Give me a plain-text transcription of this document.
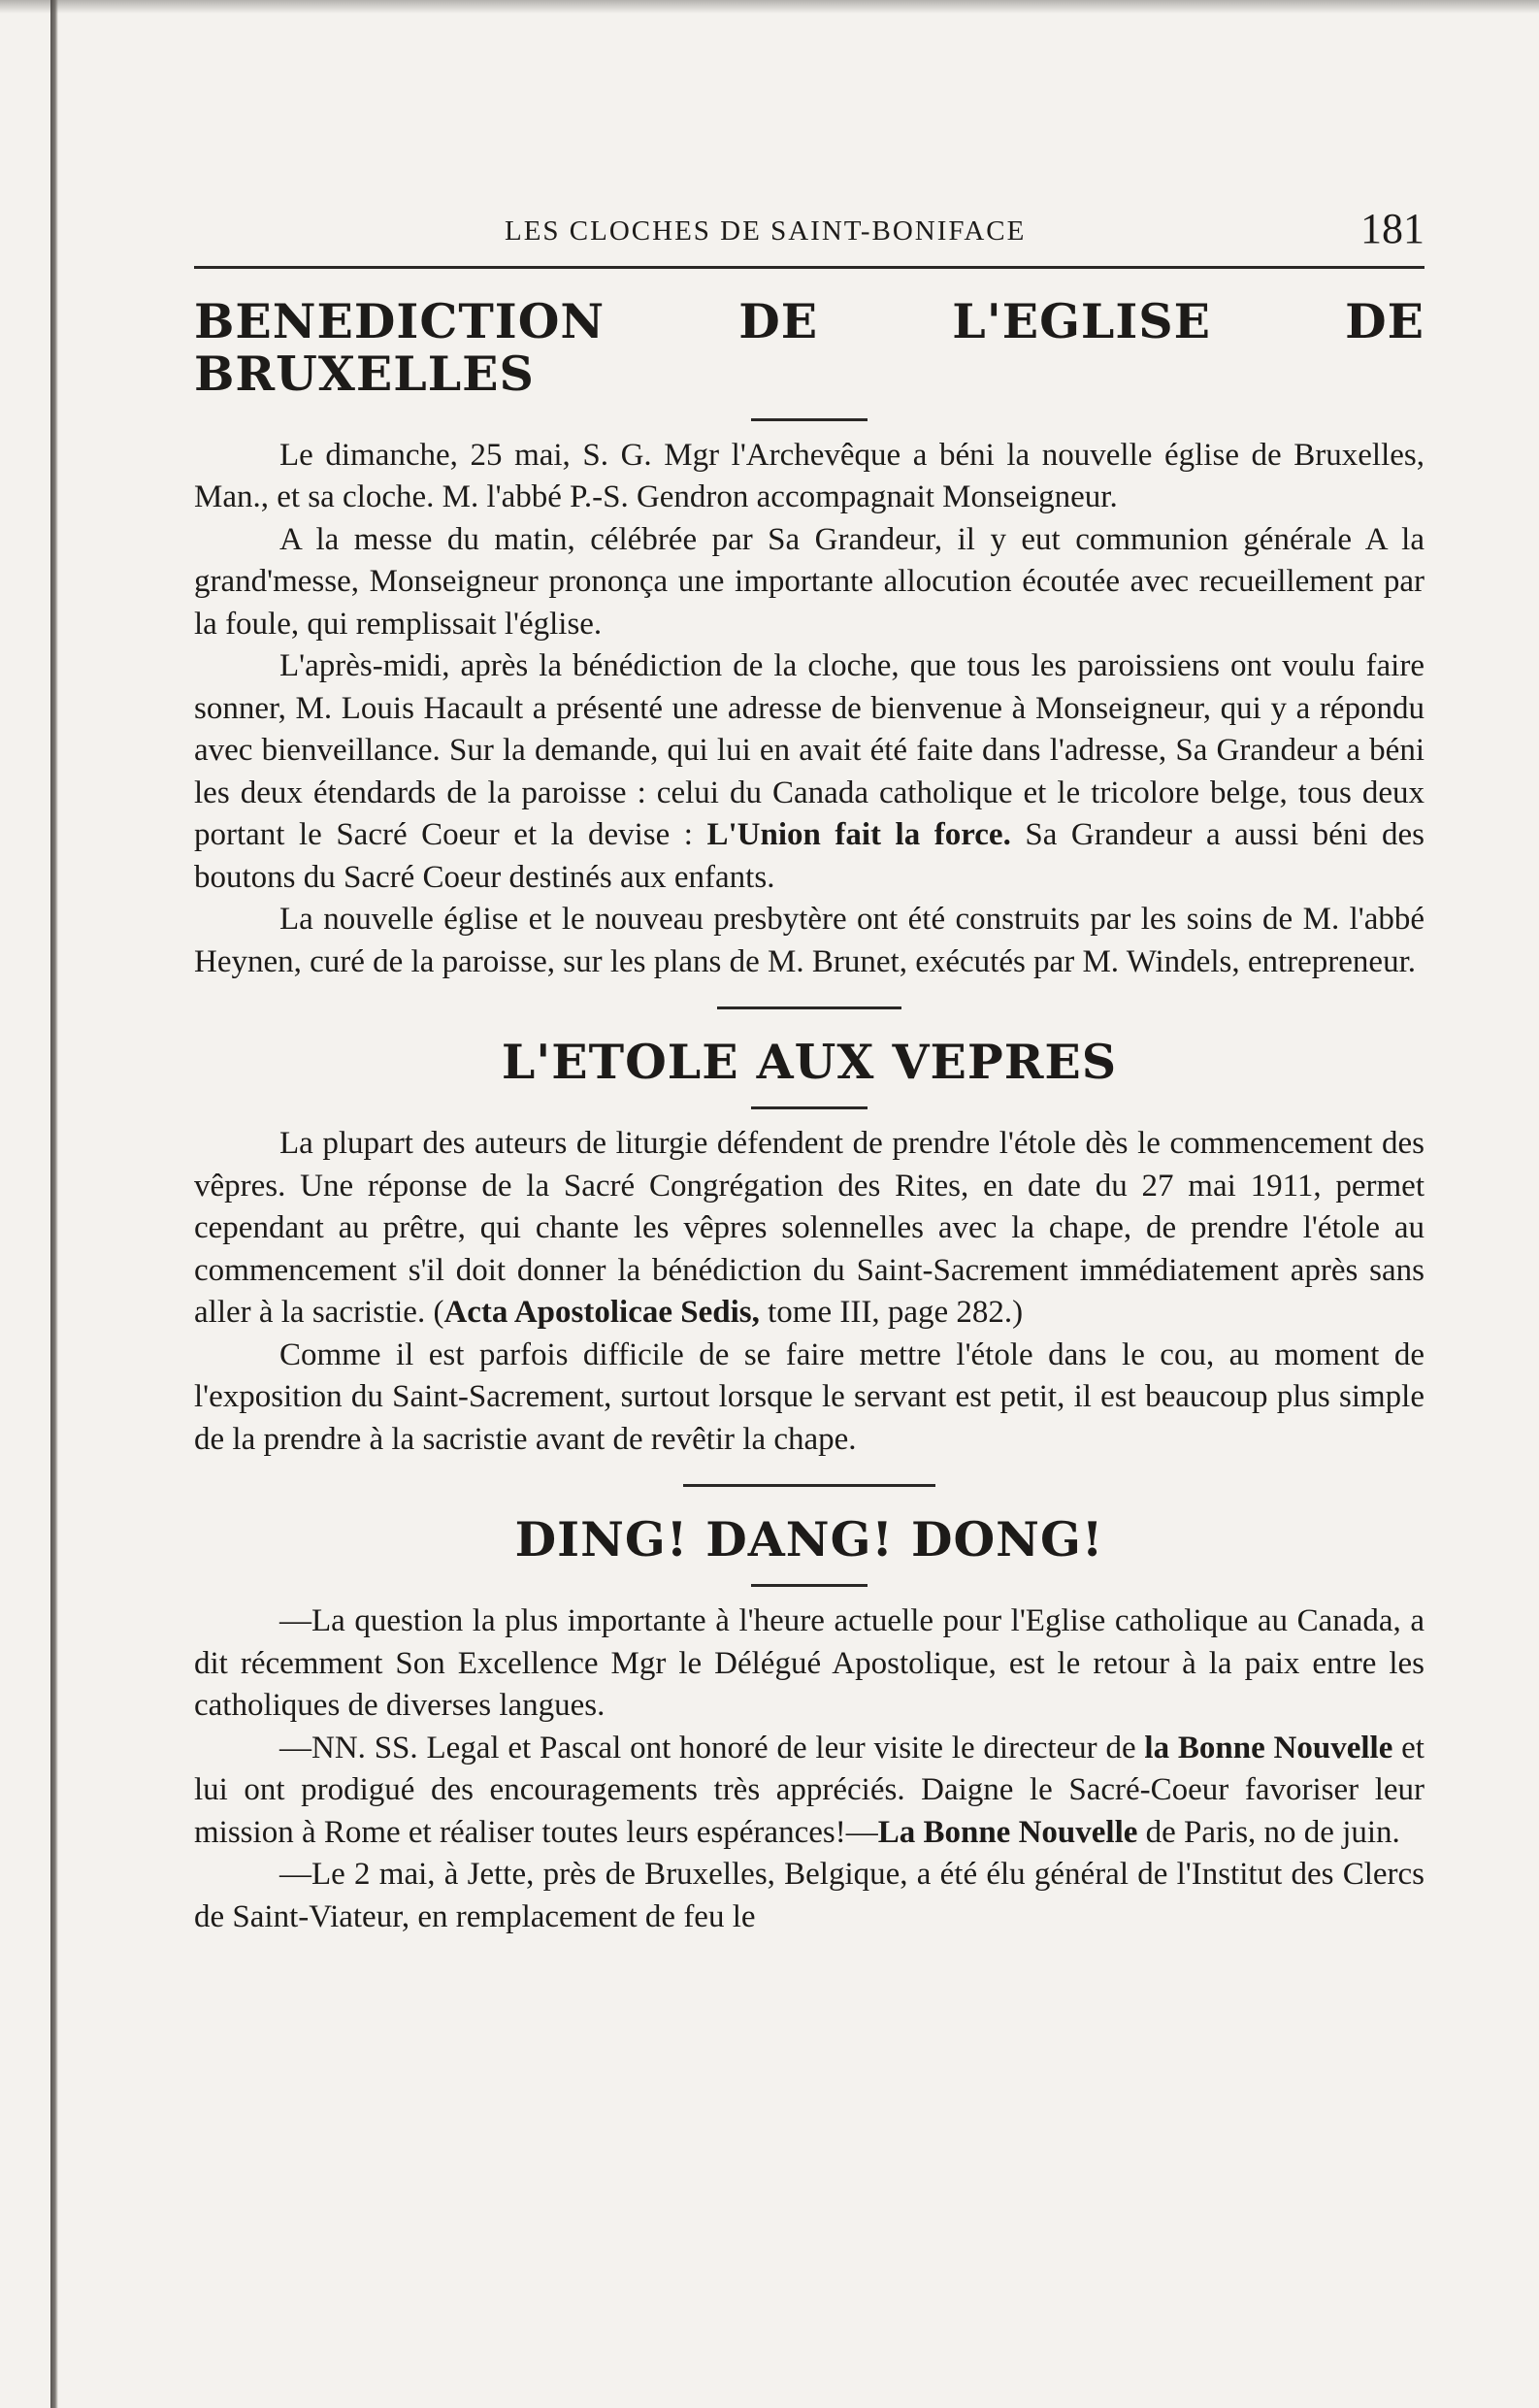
LES CLOCHES DE SAINT-BONIFACE	181
BENEDICTION DE L'EGLISE DE BRUXELLES

Le dimanche, 25 mai, S. G. Mgr l'Archevêque a béni la nouvelle église de Bruxelles, Man., et sa cloche. M. l'abbé P.-S. Gendron accompagnait Monseigneur.

A la messe du matin, célébrée par Sa Grandeur, il y eut communion générale A la grand'messe, Monseigneur prononça une importante allocution écoutée avec recueillement par la foule, qui remplissait l'église.

L'après-midi, après la bénédiction de la cloche, que tous les paroissiens ont voulu faire sonner, M. Louis Hacault a présenté une adresse de bienvenue à Monseigneur, qui y a répondu avec bienveillance. Sur la demande, qui lui en avait été faite dans l'adresse, Sa Grandeur a béni les deux étendards de la paroisse : celui du Canada catholique et le tricolore belge, tous deux portant le Sacré Coeur et la devise : L'Union fait la force. Sa Grandeur a aussi béni des boutons du Sacré Coeur destinés aux enfants.

La nouvelle église et le nouveau presbytère ont été construits par les soins de M. l'abbé Heynen, curé de la paroisse, sur les plans de M. Brunet, exécutés par M. Windels, entrepreneur.

L'ETOLE AUX VEPRES

La plupart des auteurs de liturgie défendent de prendre l'étole dès le commencement des vêpres. Une réponse de la Sacré Congrégation des Rites, en date du 27 mai 1911, permet cependant au prêtre, qui chante les vêpres solennelles avec la chape, de prendre l'étole au commencement s'il doit donner la bénédiction du Saint-Sacrement immédiatement après sans aller à la sacristie. (Acta Apostolicae Sedis, tome III, page 282.)

Comme il est parfois difficile de se faire mettre l'étole dans le cou, au moment de l'exposition du Saint-Sacrement, surtout lorsque le servant est petit, il est beaucoup plus simple de la prendre à la sacristie avant de revêtir la chape.

DING! DANG! DONG!

—La question la plus importante à l'heure actuelle pour l'Eglise catholique au Canada, a dit récemment Son Excellence Mgr le Délégué Apostolique, est le retour à la paix entre les catholiques de diverses langues.

—NN. SS. Legal et Pascal ont honoré de leur visite le directeur de la Bonne Nouvelle et lui ont prodigué des encouragements très appréciés. Daigne le Sacré-Coeur favoriser leur mission à Rome et réaliser toutes leurs espérances!—La Bonne Nouvelle de Paris, no de juin.

—Le 2 mai, à Jette, près de Bruxelles, Belgique, a été élu général de l'Institut des Clercs de Saint-Viateur, en remplacement de feu le
